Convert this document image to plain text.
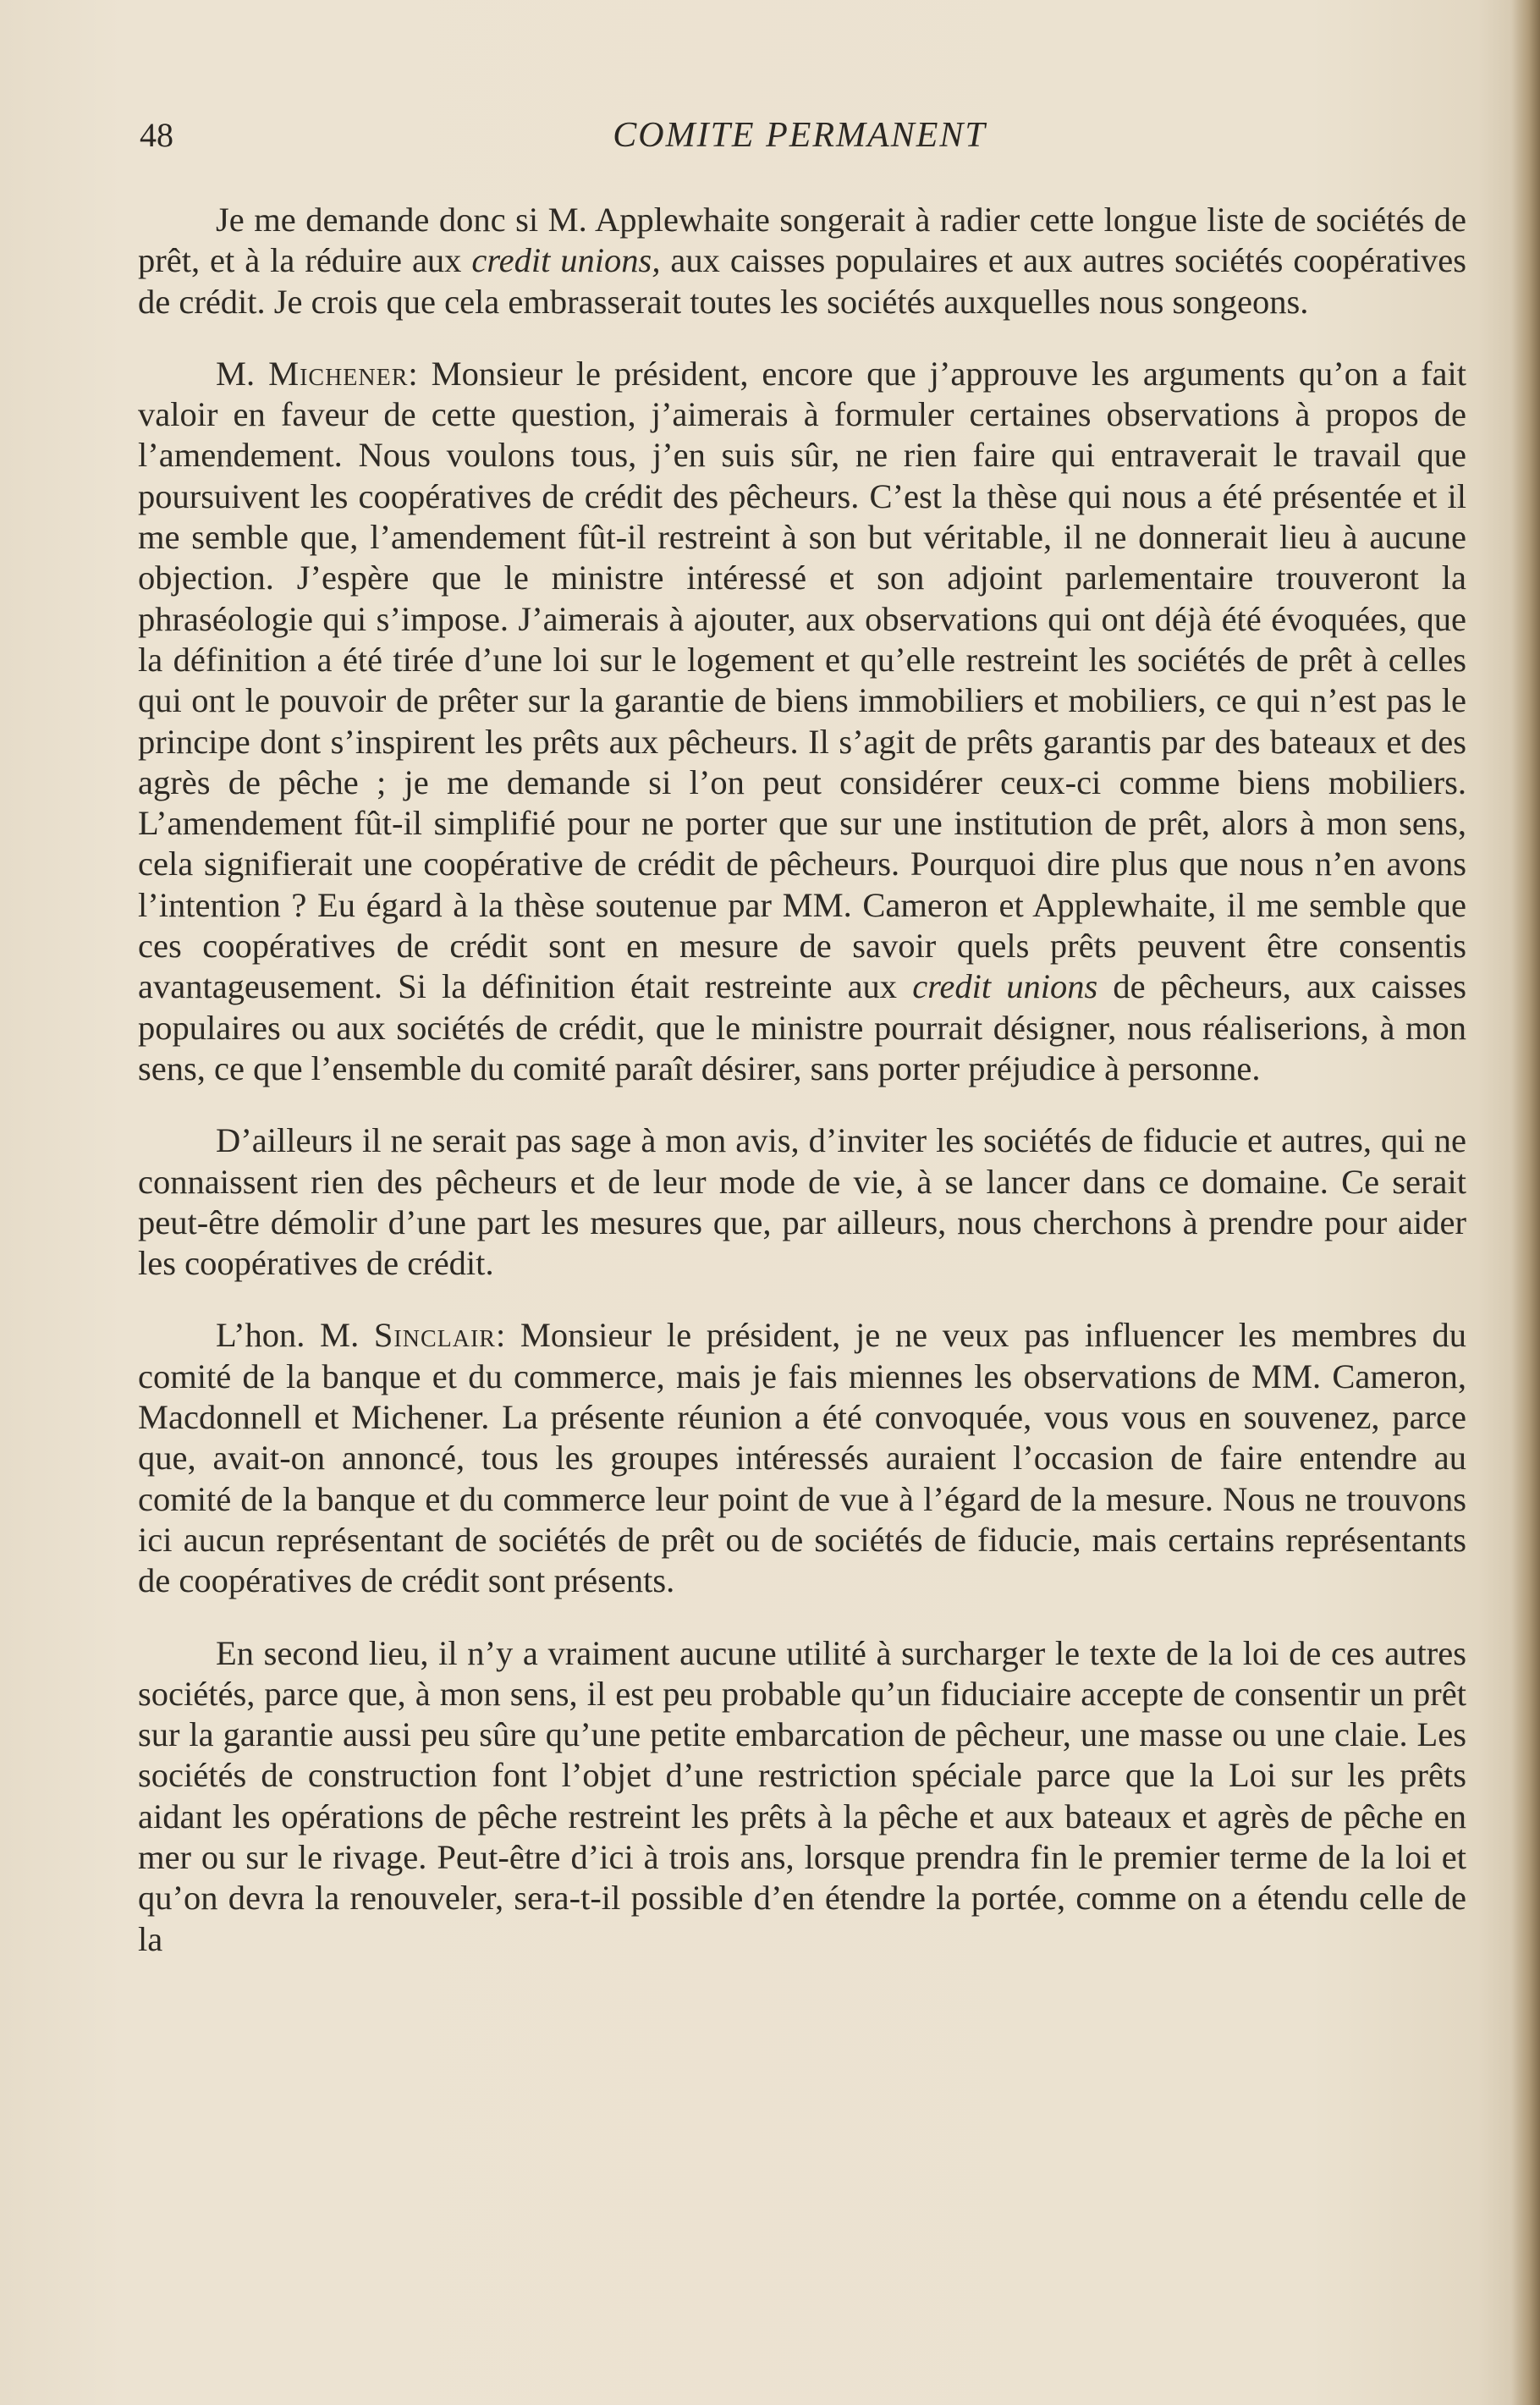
48	COMITE PERMANENT

Je me demande donc si M. Applewhaite songerait à radier cette longue liste de sociétés de prêt, et à la réduire aux credit unions, aux caisses populaires et aux autres sociétés coopératives de crédit. Je crois que cela embrasserait toutes les sociétés auxquelles nous songeons.

M. Michener: Monsieur le président, encore que j’approuve les arguments qu’on a fait valoir en faveur de cette question, j’aimerais à formuler certaines observations à propos de l’amendement. Nous voulons tous, j’en suis sûr, ne rien faire qui entraverait le travail que poursuivent les coopératives de crédit des pêcheurs. C’est la thèse qui nous a été présentée et il me semble que, l’amendement fût-il restreint à son but véritable, il ne donnerait lieu à aucune objection. J’espère que le ministre intéressé et son adjoint parlementaire trouveront la phraséologie qui s’impose. J’aimerais à ajouter, aux observations qui ont déjà été évoquées, que la définition a été tirée d’une loi sur le logement et qu’elle restreint les sociétés de prêt à celles qui ont le pouvoir de prêter sur la garantie de biens immobiliers et mobiliers, ce qui n’est pas le principe dont s’inspirent les prêts aux pêcheurs. Il s’agit de prêts garantis par des bateaux et des agrès de pêche ; je me demande si l’on peut considérer ceux-ci comme biens mobiliers. L’amendement fût-il simplifié pour ne porter que sur une institution de prêt, alors à mon sens, cela signifierait une coopérative de crédit de pêcheurs. Pourquoi dire plus que nous n’en avons l’intention ? Eu égard à la thèse soutenue par MM. Cameron et Applewhaite, il me semble que ces coopératives de crédit sont en mesure de savoir quels prêts peuvent être consentis avantageusement. Si la définition était restreinte aux credit unions de pêcheurs, aux caisses populaires ou aux sociétés de crédit, que le ministre pourrait désigner, nous réaliserions, à mon sens, ce que l’ensemble du comité paraît désirer, sans porter préjudice à personne.

D’ailleurs il ne serait pas sage à mon avis, d’inviter les sociétés de fiducie et autres, qui ne connaissent rien des pêcheurs et de leur mode de vie, à se lancer dans ce domaine. Ce serait peut-être démolir d’une part les mesures que, par ailleurs, nous cherchons à prendre pour aider les coopératives de crédit.

L’hon. M. Sinclair: Monsieur le président, je ne veux pas influencer les membres du comité de la banque et du commerce, mais je fais miennes les observations de MM. Cameron, Macdonnell et Michener. La présente réunion a été convoquée, vous vous en souvenez, parce que, avait-on annoncé, tous les groupes intéressés auraient l’occasion de faire entendre au comité de la banque et du commerce leur point de vue à l’égard de la mesure. Nous ne trouvons ici aucun représentant de sociétés de prêt ou de sociétés de fiducie, mais certains représentants de coopératives de crédit sont présents.

En second lieu, il n’y a vraiment aucune utilité à surcharger le texte de la loi de ces autres sociétés, parce que, à mon sens, il est peu probable qu’un fiduciaire accepte de consentir un prêt sur la garantie aussi peu sûre qu’une petite embarcation de pêcheur, une masse ou une claie. Les sociétés de construction font l’objet d’une restriction spéciale parce que la Loi sur les prêts aidant les opérations de pêche restreint les prêts à la pêche et aux bateaux et agrès de pêche en mer ou sur le rivage. Peut-être d’ici à trois ans, lorsque prendra fin le premier terme de la loi et qu’on devra la renouveler, sera-t-il possible d’en étendre la portée, comme on a étendu celle de la
